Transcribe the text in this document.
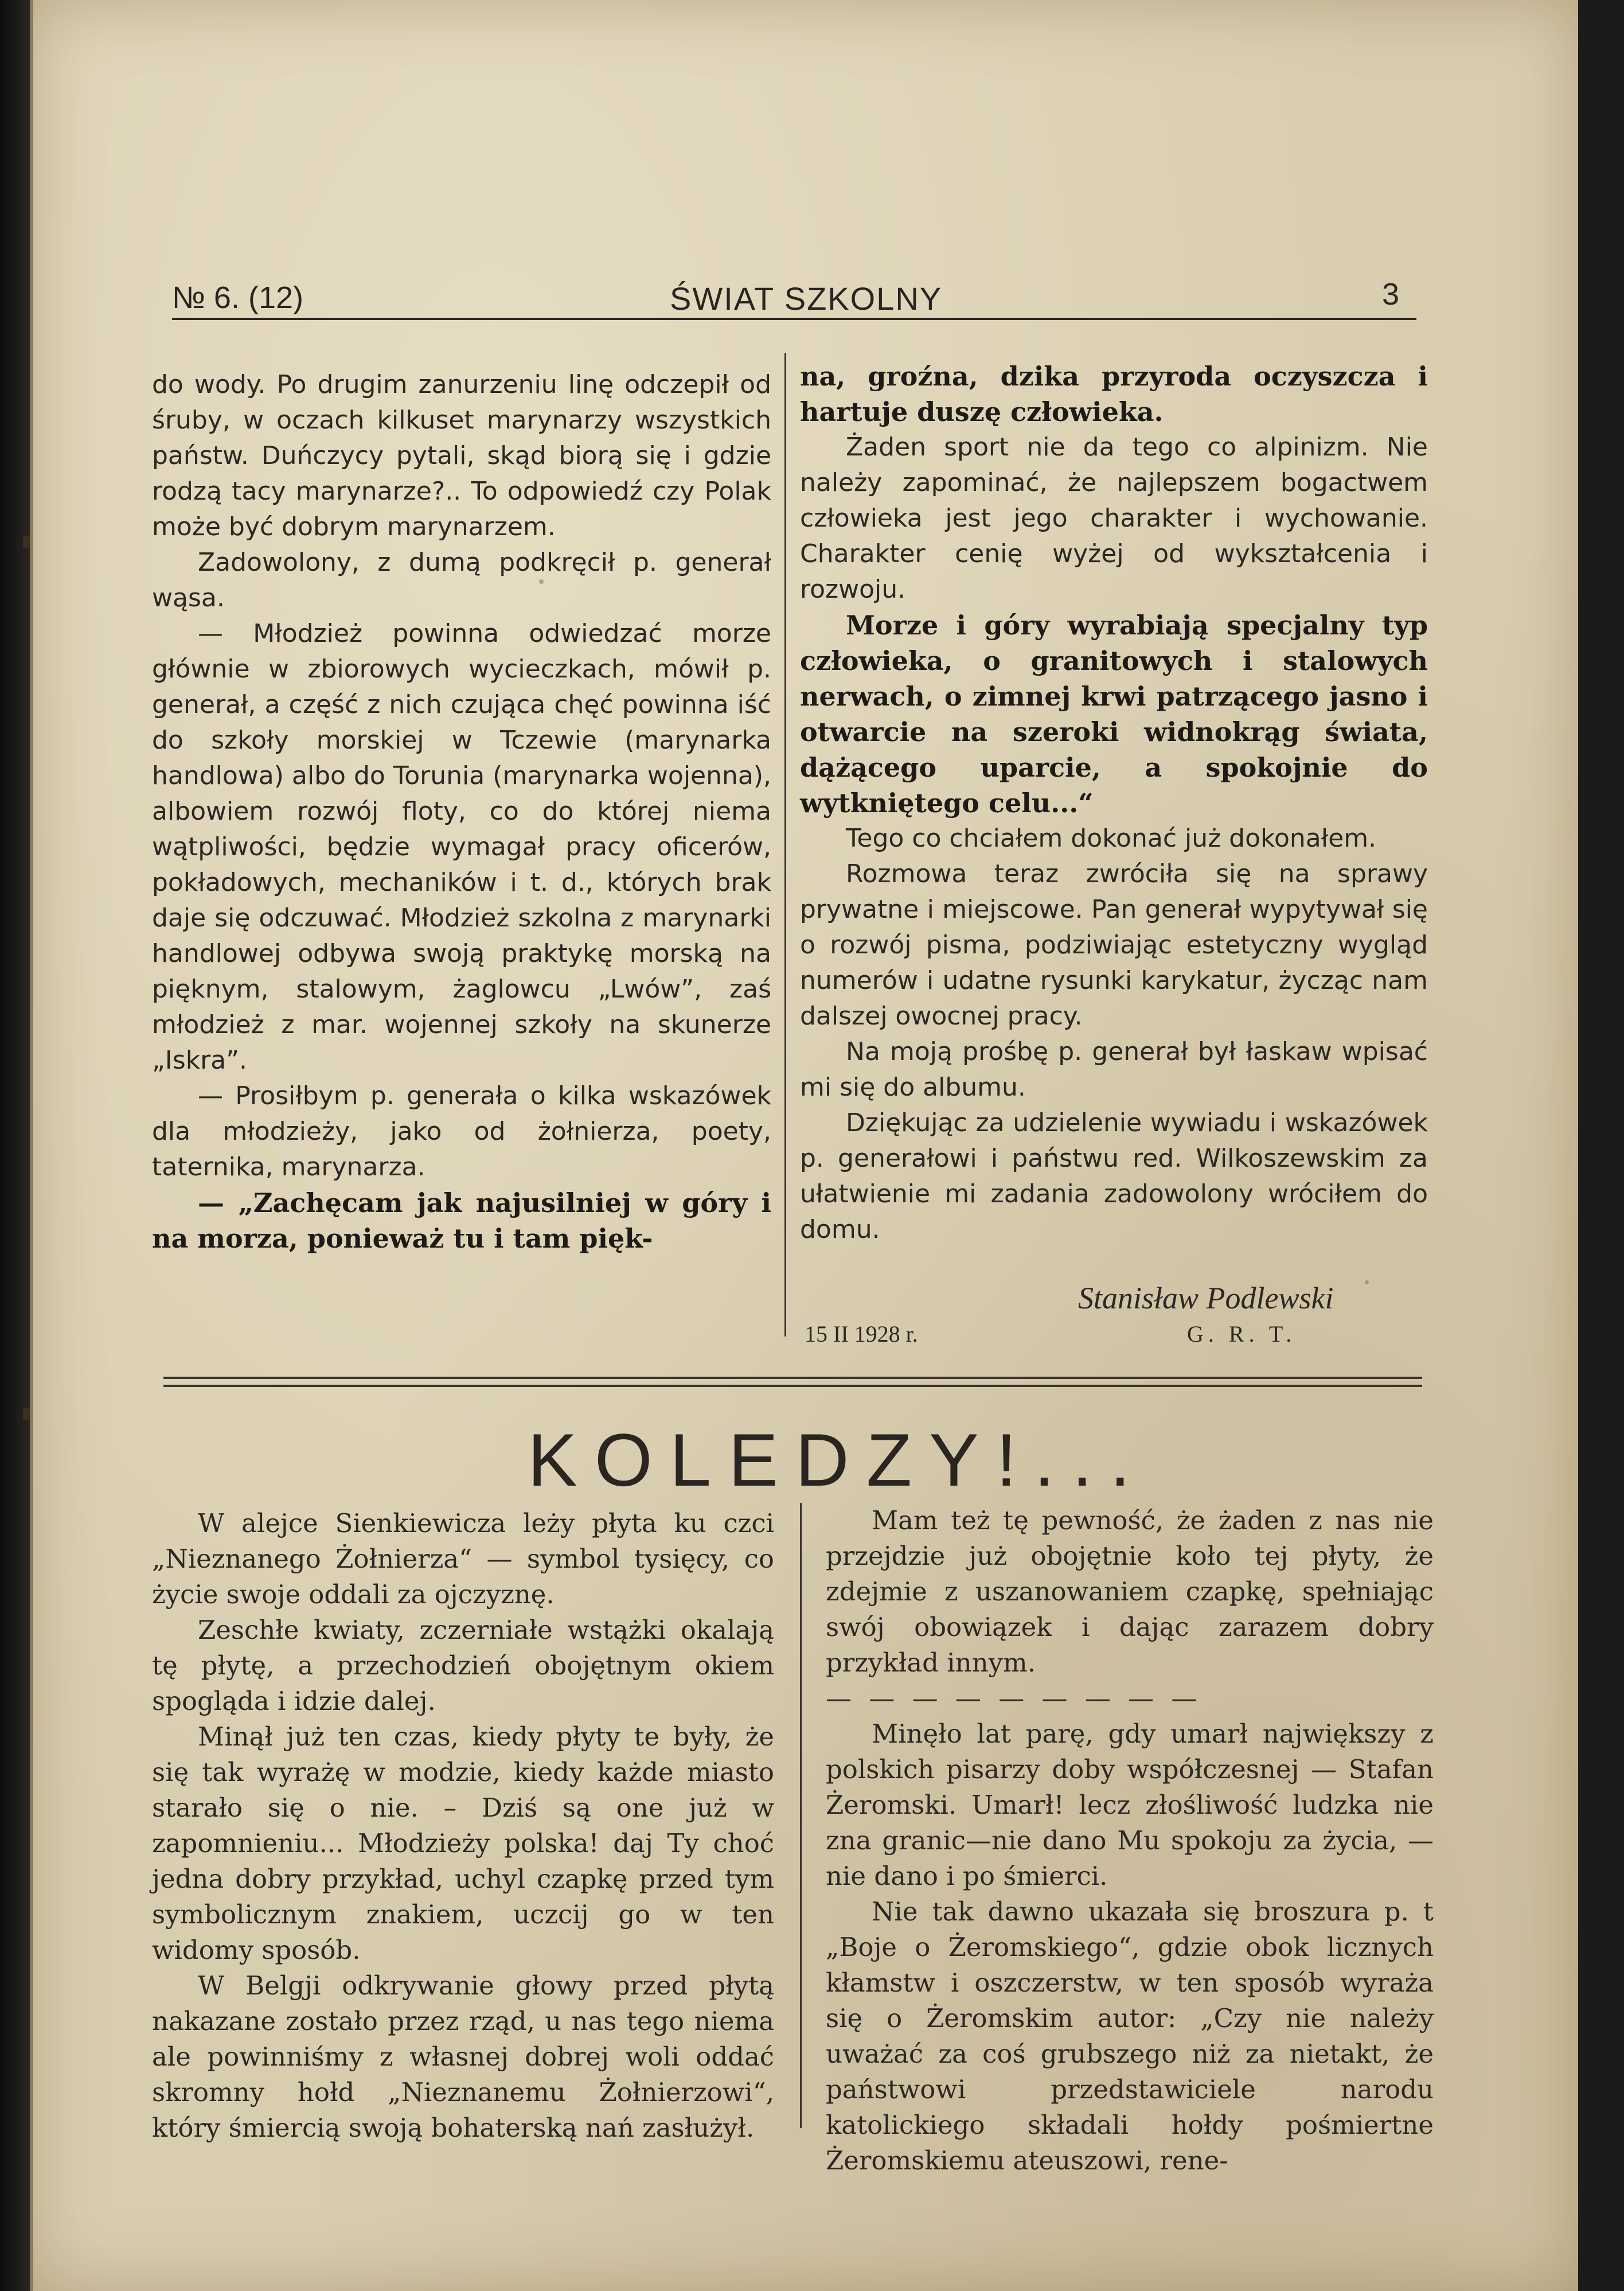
№ 6. (12)	ŚWIAT SZKOLNY	3

do wody. Po drugim zanurzeniu linę odczepił od śruby, w oczach kilkuset marynarzy wszystkich państw. Duńczycy pytali, skąd biorą się i gdzie rodzą tacy marynarze?.. To odpowiedź czy Polak może być dobrym marynarzem.

Zadowolony, z dumą podkręcił p. generał wąsa.

— Młodzież powinna odwiedzać morze głównie w zbiorowych wycieczkach, mówił p. generał, a część z nich czująca chęć powinna iść do szkoły morskiej w Tczewie (marynarka handlowa) albo do Torunia (marynarka wojenna), albowiem rozwój floty, co do której niema wątpliwości, będzie wymagał pracy oficerów, pokładowych, mechaników i t. d., których brak daje się odczuwać. Młodzież szkolna z marynarki handlowej odbywa swoją praktykę morską na pięknym, stalowym, żaglowcu „Lwów”, zaś młodzież z mar. wojennej szkoły na skunerze „Iskra”.

— Prosiłbym p. generała o kilka wskazówek dla młodzieży, jako od żołnierza, poety, taternika, marynarza.

— „Zachęcam jak najusilniej w góry i na morza, ponieważ tu i tam pięk-

na, groźna, dzika przyroda oczyszcza i hartuje duszę człowieka.

Żaden sport nie da tego co alpinizm. Nie należy zapominać, że najlepszem bogactwem człowieka jest jego charakter i wychowanie. Charakter cenię wyżej od wykształcenia i rozwoju.

Morze i góry wyrabiają specjalny typ człowieka, o granitowych i stalowych nerwach, o zimnej krwi patrzącego jasno i otwarcie na szeroki widnokrąg świata, dążącego uparcie, a spokojnie do wytkniętego celu...“

Tego co chciałem dokonać już dokonałem.

Rozmowa teraz zwróciła się na sprawy prywatne i miejscowe. Pan generał wypytywał się o rozwój pisma, podziwiając estetyczny wygląd numerów i udatne rysunki karykatur, życząc nam dalszej owocnej pracy.

Na moją prośbę p. generał był łaskaw wpisać mi się do albumu.

Dziękując za udzielenie wywiadu i wskazówek p. generałowi i państwu red. Wilkoszewskim za ułatwienie mi zadania zadowolony wróciłem do domu.

Stanisław Podlewski
15 II 1928 r.	G. R. T.
KOLEDZY!...

W alejce Sienkiewicza leży płyta ku czci „Nieznanego Żołnierza“ — symbol tysięcy, co życie swoje oddali za ojczyznę.

Zeschłe kwiaty, zczerniałe wstążki okalają tę płytę, a przechodzień obojętnym okiem spogląda i idzie dalej.

Minął już ten czas, kiedy płyty te były, że się tak wyrażę w modzie, kiedy każde miasto starało się o nie. – Dziś są one już w zapomnieniu... Młodzieży polska! daj Ty choć jedna dobry przykład, uchyl czapkę przed tym symbolicznym znakiem, uczcij go w ten widomy sposób.

W Belgji odkrywanie głowy przed płytą nakazane zostało przez rząd, u nas tego niema ale powinniśmy z własnej dobrej woli oddać skromny hołd „Nieznanemu Żołnierzowi“, który śmiercią swoją bohaterską nań zasłużył.

Mam też tę pewność, że żaden z nas nie przejdzie już obojętnie koło tej płyty, że zdejmie z uszanowaniem czapkę, spełniając swój obowiązek i dając zarazem dobry przykład innym.

— — — — — — — — —

Minęło lat parę, gdy umarł największy z polskich pisarzy doby współczesnej — Stafan Żeromski. Umarł! lecz złośliwość ludzka nie zna granic—nie dano Mu spokoju za życia, — nie dano i po śmierci.

Nie tak dawno ukazała się broszura p. t „Boje o Żeromskiego“, gdzie obok licznych kłamstw i oszczerstw, w ten sposób wyraża się o Żeromskim autor: „Czy nie należy uważać za coś grubszego niż za nietakt, że państwowi przedstawiciele narodu katolickiego składali hołdy pośmiertne Żeromskiemu ateuszowi, rene-
